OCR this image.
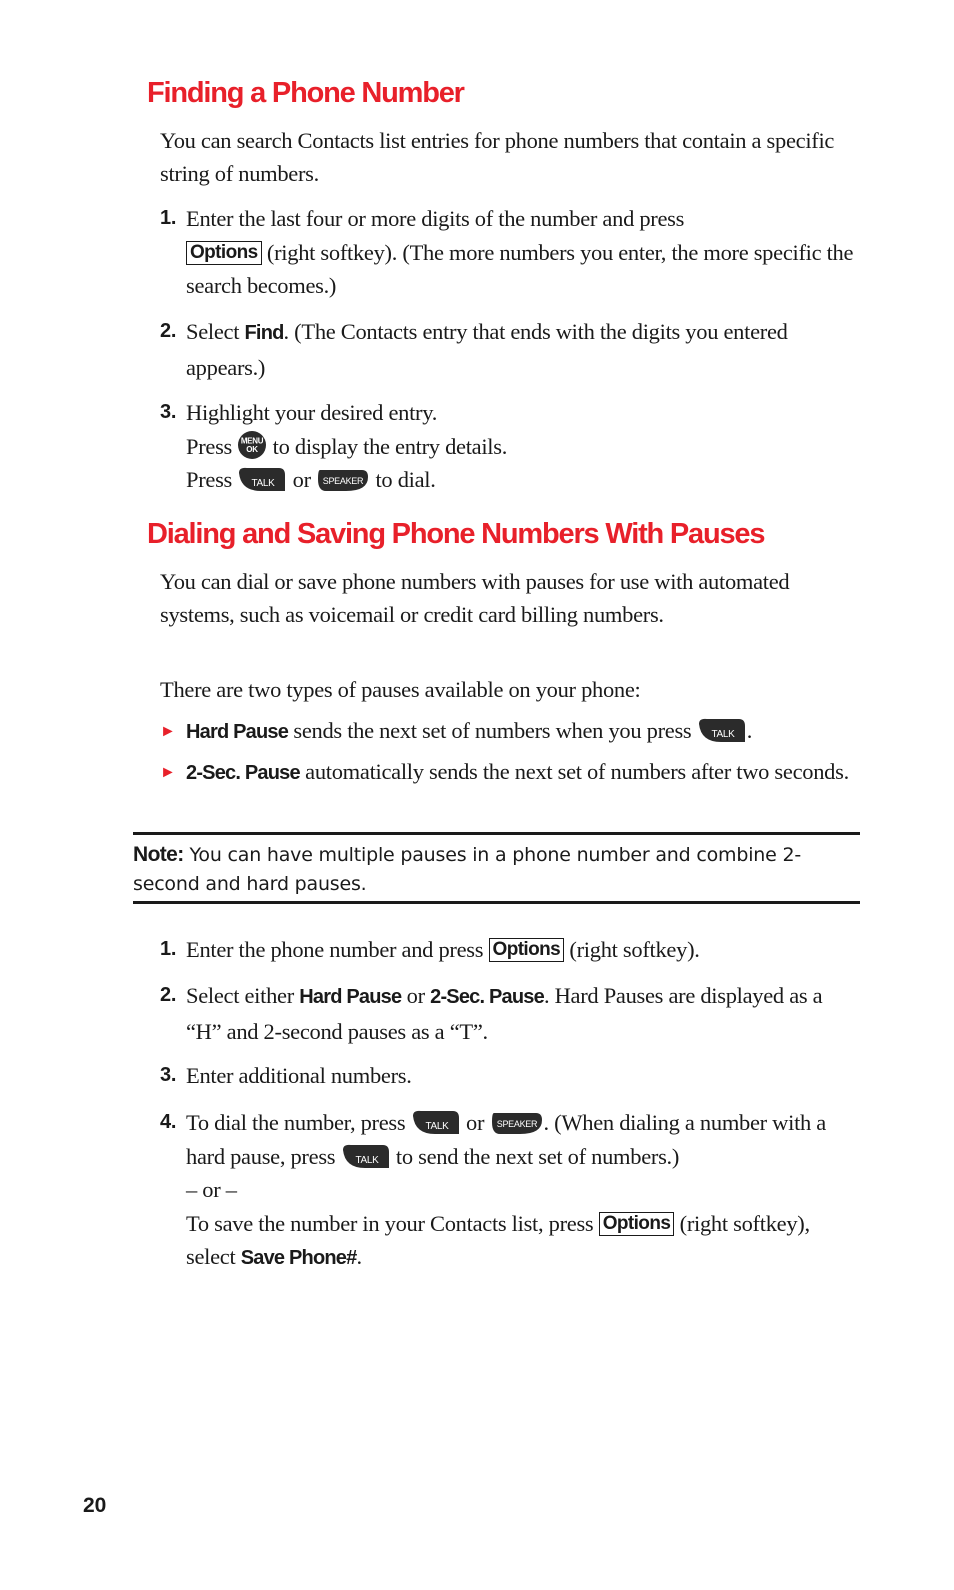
Finding a Phone Number

You can search Contacts list entries for phone numbers that contain a specific string of numbers.

1. Enter the last four or more digits of the number and press
Options (right softkey). (The more numbers you enter, the more specific the search becomes.)
2. Select Find. (The Contacts entry that ends with the digits you entered appears.)
3. Highlight your desired entry.
Press MENU
OK to display the entry details.
Press TALK or SPEAKER to dial.
Dialing and Saving Phone Numbers With Pauses

You can dial or save phone numbers with pauses for use with automated systems, such as voicemail or credit card billing numbers.

There are two types of pauses available on your phone:

► Hard Pause sends the next set of numbers when you press TALK .
► 2-Sec. Pause automatically sends the next set of numbers after two seconds.
Note: You can have multiple pauses in a phone number and combine 2-second and hard pauses.
1. Enter the phone number and press Options (right softkey).
2. Select either Hard Pause or 2-Sec. Pause. Hard Pauses are displayed as a “H” and 2-second pauses as a “T”.
3. Enter additional numbers.
4. To dial the number, press TALK or SPEAKER . (When dialing a number with a hard pause, press TALK to send the next set of numbers.)
– or –
To save the number in your Contacts list, press Options (right softkey), select Save Phone#.
20
